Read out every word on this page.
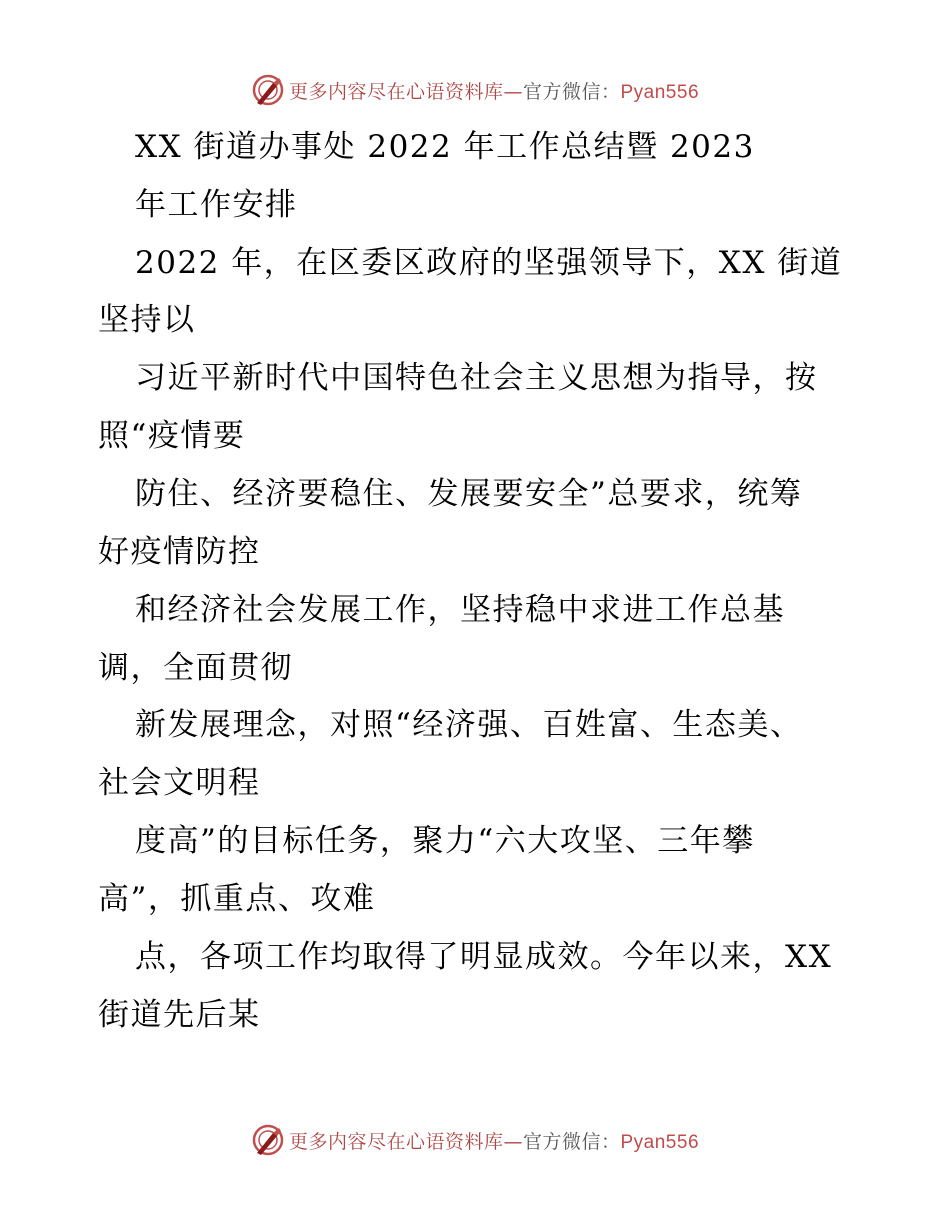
更多内容尽在心语资料库—官方微信：Pyan556
XX 街道办事处 2022 年工作总结暨 2023
年工作安排
2022 年，在区委区政府的坚强领导下，XX 街道
坚持以
习近平新时代中国特色社会主义思想为指导，按
照“疫情要
防住、经济要稳住、发展要安全”总要求，统筹
好疫情防控
和经济社会发展工作，坚持稳中求进工作总基
调，全面贯彻
新发展理念，对照“经济强、百姓富、生态美、
社会文明程
度高”的目标任务，聚力“六大攻坚、三年攀
高”，抓重点、攻难
点，各项工作均取得了明显成效。今年以来，XX
街道先后某
更多内容尽在心语资料库—官方微信：Pyan556
